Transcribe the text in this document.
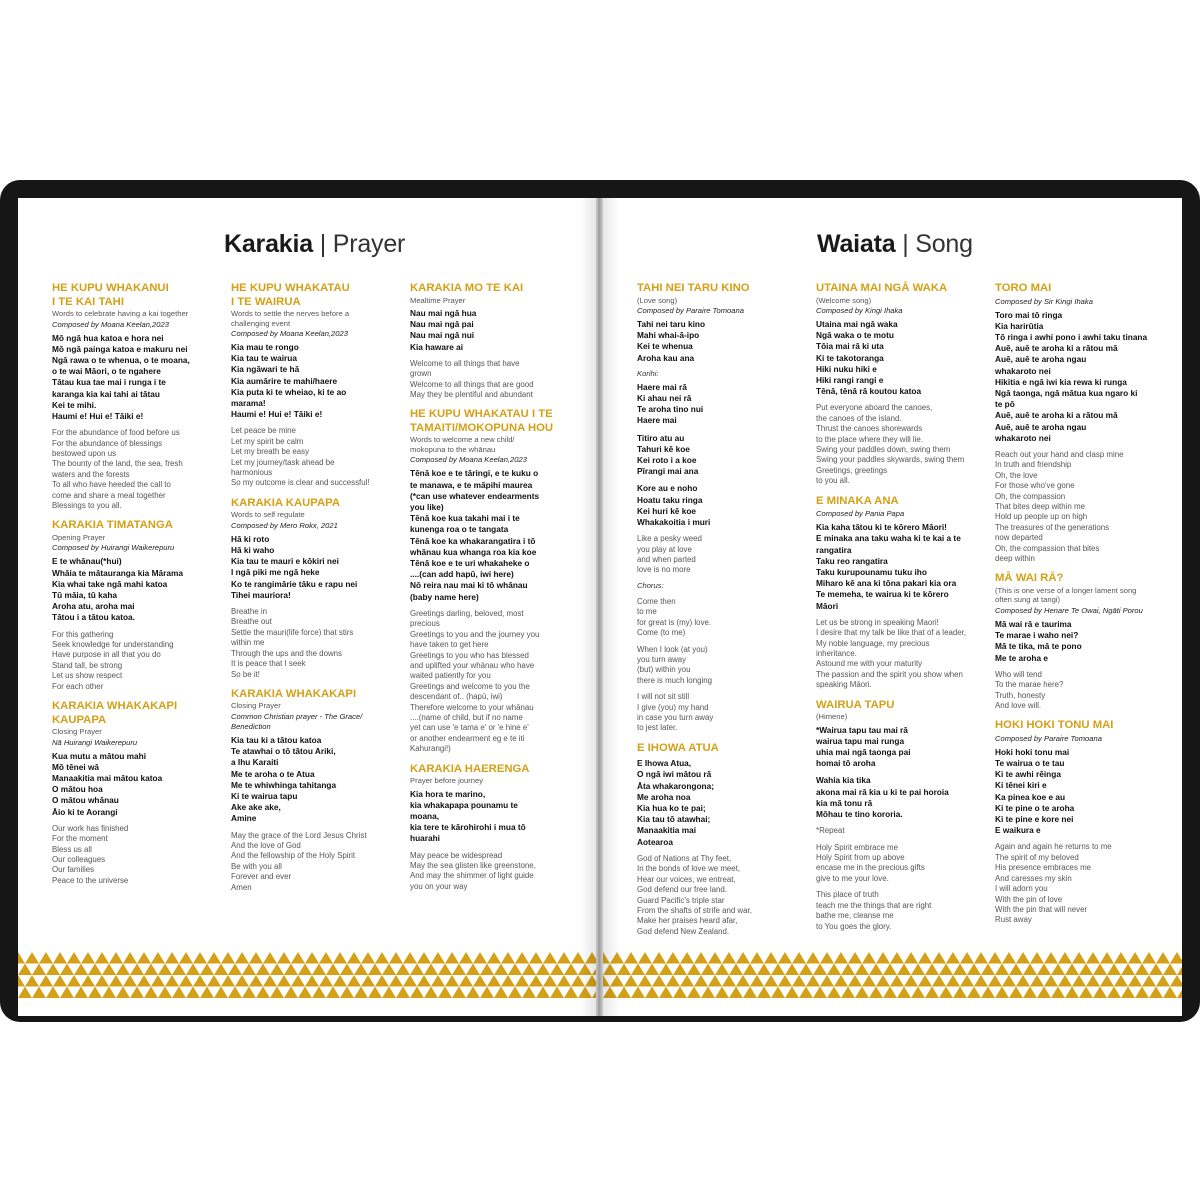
Karakia | Prayer
HE KUPU WHAKANUI
I TE KAI TAHI
Words to celebrate having a kai together
Composed by Moana Keelan,2023
Mō ngā hua katoa e hora nei
Mō ngā painga katoa e makuru nei
Ngā rawa o te whenua, o te moana,
o te wai Māori, o te ngahere
Tātau kua tae mai i runga i te
karanga kia kai tahi ai tātau
Kei te mihi.
Haumi e! Hui e! Tāiki e!
For the abundance of food before us
For the abundance of blessings
bestowed upon us
The bounty of the land, the sea, fresh
waters and the forests
To all who have heeded the call to
come and share a meal together
Blessings to you all.
KARAKIA TIMATANGA
Opening Prayer
Composed by Huirangi Waikerepuru
E te whānau(*hui)
Whāia te mātauranga kia Mārama
Kia whai take ngā mahi katoa
Tū māia, tū kaha
Aroha atu, aroha mai
Tātou i a tātou katoa.
For this gathering
Seek knowledge for understanding
Have purpose in all that you do
Stand tall, be strong
Let us show respect
For each other
KARAKIA WHAKAKAPI
KAUPAPA
Closing Prayer
Nā Huirangi Waikerepuru
Kua mutu a mātou mahi
Mō tēnei wā
Manaakitia mai mātou katoa
O mātou hoa
O mātou whānau
Āio ki te Aorangi
Our work has finished
For the moment
Bless us all
Our colleagues
Our families
Peace to the universe
HE KUPU WHAKATAU
I TE WAIRUA
Words to settle the nerves before a
challenging event
Composed by Moana Keelan,2023
Kia mau te rongo
Kia tau te wairua
Kia ngāwari te hā
Kia aumārire te mahi/haere
Kia puta ki te wheiao, ki te ao
marama!
Haumi e! Hui e! Tāiki e!
Let peace be mine
Let my spirit be calm
Let my breath be easy
Let my journey/task ahead be
harmonious
So my outcome is clear and successful!
KARAKIA KAUPAPA
Words to self regulate
Composed by Mero Rokx, 2021
Hā ki roto
Hā ki waho
Kia tau te mauri e kōkiri nei
I ngā piki me ngā heke
Ko te rangimārie tāku e rapu nei
Tihei mauriora!
Breathe in
Breathe out
Settle the mauri(life force) that stirs
within me
Through the ups and the downs
It is peace that I seek
So be it!
KARAKIA WHAKAKAPI
Closing Prayer
Common Christian prayer - The Grace/ Benediction
Kia tau ki a tātou katoa
Te atawhai o tō tātou Ariki,
a Ihu Karaiti
Me te aroha o te Atua
Me te whiwhinga tahitanga
Ki te wairua tapu
Ake ake ake,
Amine
May the grace of the Lord Jesus Christ
And the love of God
And the fellowship of the Holy Spirit
Be with you all
Forever and ever
Amen
KARAKIA MO TE KAI
Mealtime Prayer
Nau mai ngā hua
Nau mai ngā pai
Nau mai ngā nui
Kia haware ai
Welcome to all things that have
grown
Welcome to all things that are good
May they be plentiful and abundant
HE KUPU WHAKATAU I TE
TAMAITI/MOKOPUNA HOU
Words to welcome a new child/
mokopuna to the whānau
Composed by Moana Keelan,2023
Tēnā koe e te tāringi, e te kuku o
te manawa, e te māpihi maurea
(*can use whatever endearments
you like)
Tēnā koe kua takahi mai i te
kunenga roa o te tangata
Tēnā koe ka whakarangatira i tō
whānau kua whanga roa kia koe
Tēnā koe e te uri whakaheke o
....(can add hapū, iwi here)
Nō reira nau mai ki tō whānau
(baby name here)
Greetings darling, beloved, most
precious
Greetings to you and the journey you
have taken to get here
Greetings to you who has blessed
and uplifted your whānau who have
waited patiently for you
Greetings and welcome to you the
descendant of.. (hapū, iwi)
Therefore welcome to your whānau
....(name of child, but if no name
yet can use 'e tama e' or 'e hine e'
or another endearment eg e te iti
Kahurangi!)
KARAKIA HAERENGA
Prayer before journey
Kia hora te marino,
kia whakapapa pounamu te
moana,
kia tere te kārohirohi i mua tō
huarahi
May peace be widespread
May the sea glisten like greenstone,
And may the shimmer of light guide
you on your way
Waiata | Song
TAHI NEI TARU KINO
(Love song)
Composed by Paraire Tomoana
Tahi nei taru kino
Mahi whai-ā-ipo
Kei te whenua
Aroha kau ana
Korihi:
Haere mai rā
Ki ahau nei rā
Te aroha tino nui
Haere mai
Titiro atu au
Tahuri kē koe
Kei roto i a koe
Pīrangi mai ana
Kore au e noho
Hoatu taku ringa
Kei huri kē koe
Whakakoitia i muri
Like a pesky weed
you play at love
and when parted
love is no more
Chorus:
Come then
to me
for great is (my) love.
Come (to me)
When I look (at you)
you turn away
(but) within you
there is much longing
I will not sit still
I give (you) my hand
in case you turn away
to jest later.
E IHOWA ATUA
E Ihowa Atua,
O ngā iwi mātou rā
Āta whakarongona;
Me aroha noa
Kia hua ko te pai;
Kia tau tō atawhai;
Manaakitia mai
Aotearoa
God of Nations at Thy feet,
In the bonds of love we meet,
Hear our voices, we entreat,
God defend our free land.
Guard Pacific's triple star
From the shafts of strife and war,
Make her praises heard afar,
God defend New Zealand.
UTAINA MAI NGĀ WAKA
(Welcome song)
Composed by Kingi Ihaka
Utaina mai ngā waka
Ngā waka o te motu
Tōia mai rā ki uta
Ki te takotoranga
Hiki nuku hiki e
Hiki rangi rangi e
Tēnā, tēnā rā koutou katoa
Put everyone aboard the canoes,
the canoes of the island.
Thrust the canoes shorewards
to the place where they will lie.
Swing your paddles down, swing them
Swing your paddles skywards, swing them
Greetings, greetings
to you all.
E MINAKA ANA
Composed by Pania Papa
Kia kaha tātou ki te kōrero Māori!
E minaka ana taku waha ki te kai a te
rangatira
Taku reo rangatira
Taku kurupounamu tuku iho
Miharo kē ana ki tōna pakari kia ora
Te memeha, te wairua ki te kōrero
Māori
Let us be strong in speaking Maori!
I desire that my talk be like that of a leader,
My noble language, my precious
inheritance.
Astound me with your maturity
The passion and the spirit you show when
speaking Māori.
WAIRUA TAPU
(Himene)
*Wairua tapu tau mai rā
wairua tapu mai runga
uhia mai ngā taonga pai
homai tō aroha
Wahia kia tika
akona mai rā kia u ki te pai horoia
kia mā tonu rā
Mōhau te tino kororia.
*Repeat
Holy Spirit embrace me
Holy Spirit from up above
encase me in the precious gifts
give to me your love.
This place of truth
teach me the things that are right
bathe me, cleanse me
to You goes the glory.
TORO MAI
Composed by Sir Kingi Ihaka
Toro mai tō ringa
Kia harirūtia
Tō ringa i awhi pono i awhi taku tinana
Auē, auē te aroha ki a rātou mā
Auē, auē te aroha ngau
whakaroto nei
Hikitia e ngā iwi kia rewa ki runga
Ngā taonga, ngā mātua kua ngaro ki
te pō
Auē, auē te aroha ki a rātou mā
Auē, auē te aroha ngau
whakaroto nei
Reach out your hand and clasp mine
In truth and friendship
Oh, the love
For those who've gone
Oh, the compassion
That bites deep within me
Hold up people up on high
The treasures of the generations
now departed
Oh, the compassion that bites
deep within
MĀ WAI RĀ?
(This is one verse of a longer lament song
often sung at tangi)
Composed by Henare Te Owai, Ngāti Porou
Mā wai rā e taurima
Te marae i waho nei?
Mā te tika, mā te pono
Me te aroha e
Who will tend
To the marae here?
Truth, honesty
And love will.
HOKI HOKI TONU MAI
Composed by Paraire Tomoana
Hoki hoki tonu mai
Te wairua o te tau
Ki te awhi rēinga
Ki tēnei kiri e
Ka pinea koe e au
Ki te pine o te aroha
Ki te pine e kore nei
E waikura e
Again and again he returns to me
The spirit of my beloved
His presence embraces me
And caresses my skin
I will adorn you
With the pin of love
With the pin that will never
Rust away
